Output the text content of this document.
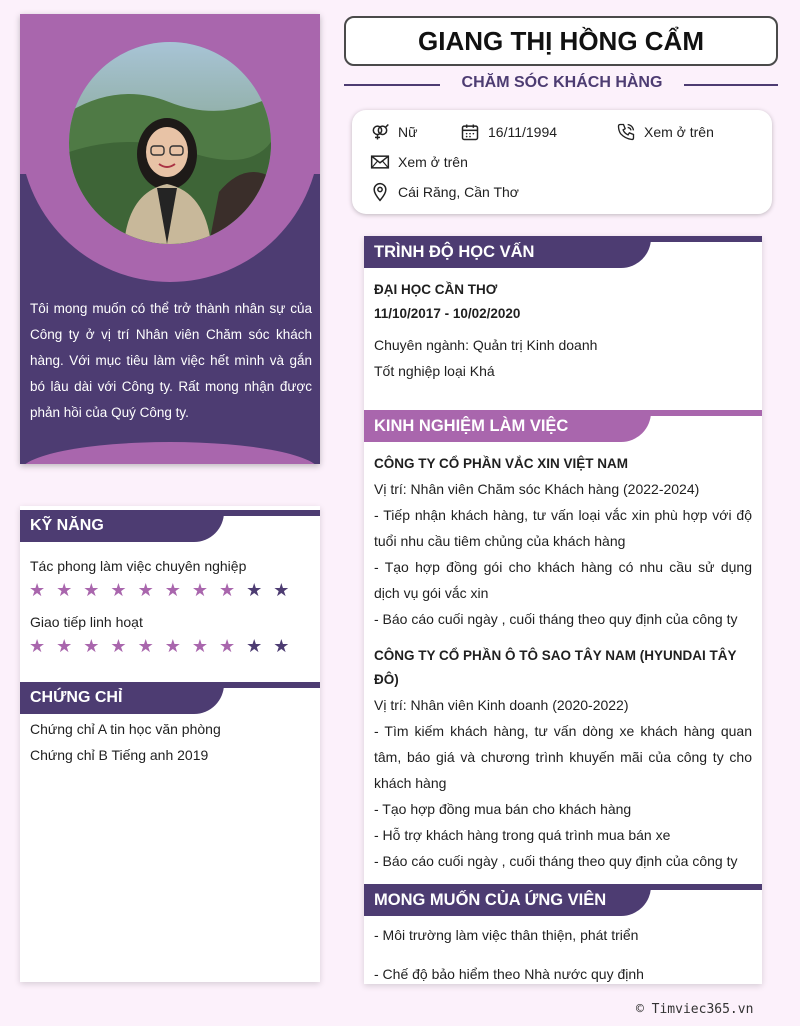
Tôi mong muốn có thể trở thành nhân sự của Công ty ở vị trí Nhân viên Chăm sóc khách hàng. Với mục tiêu làm việc hết mình và gắn bó lâu dài với Công ty. Rất mong nhận được phản hồi của Quý Công ty.
KỸ NĂNG
Tác phong làm việc chuyên nghiệp
★ ★ ★ ★ ★ ★ ★ ★ ★ ★
Giao tiếp linh hoạt
★ ★ ★ ★ ★ ★ ★ ★ ★ ★
CHỨNG CHỈ
Chứng chỉ A tin học văn phòng
Chứng chỉ B Tiếng anh 2019
GIANG THỊ HỒNG CẨM
CHĂM SÓC KHÁCH HÀNG
Nữ	16/11/1994	Xem ở trên
Xem ở trên
Cái Răng, Cần Thơ
TRÌNH ĐỘ HỌC VẤN
ĐẠI HỌC CẦN THƠ
11/10/2017 - 10/02/2020
Chuyên ngành: Quản trị Kinh doanh
Tốt nghiệp loại Khá
KINH NGHIỆM LÀM VIỆC
CÔNG TY CỔ PHẦN VẮC XIN VIỆT NAM
Vị trí: Nhân viên Chăm sóc Khách hàng (2022-2024)
- Tiếp nhận khách hàng, tư vấn loại vắc xin phù hợp với độ tuổi nhu cầu tiêm chủng của khách hàng
- Tạo hợp đồng gói cho khách hàng có nhu cầu sử dụng dịch vụ gói vắc xin
- Báo cáo cuối ngày , cuối tháng theo quy định của công ty
CÔNG TY CỔ PHẦN Ô TÔ SAO TÂY NAM (HYUNDAI TÂY ĐÔ)
Vị trí: Nhân viên Kinh doanh (2020-2022)
- Tìm kiếm khách hàng, tư vấn dòng xe khách hàng quan tâm, báo giá và chương trình khuyến mãi của công ty cho khách hàng
- Tạo hợp đồng mua bán cho khách hàng
- Hỗ trợ khách hàng trong quá trình mua bán xe
- Báo cáo cuối ngày , cuối tháng theo quy định của công ty
MONG MUỐN CỦA ỨNG VIÊN
- Môi trường làm việc thân thiện, phát triển
- Chế độ bảo hiểm theo Nhà nước quy định
© Timviec365.vn
